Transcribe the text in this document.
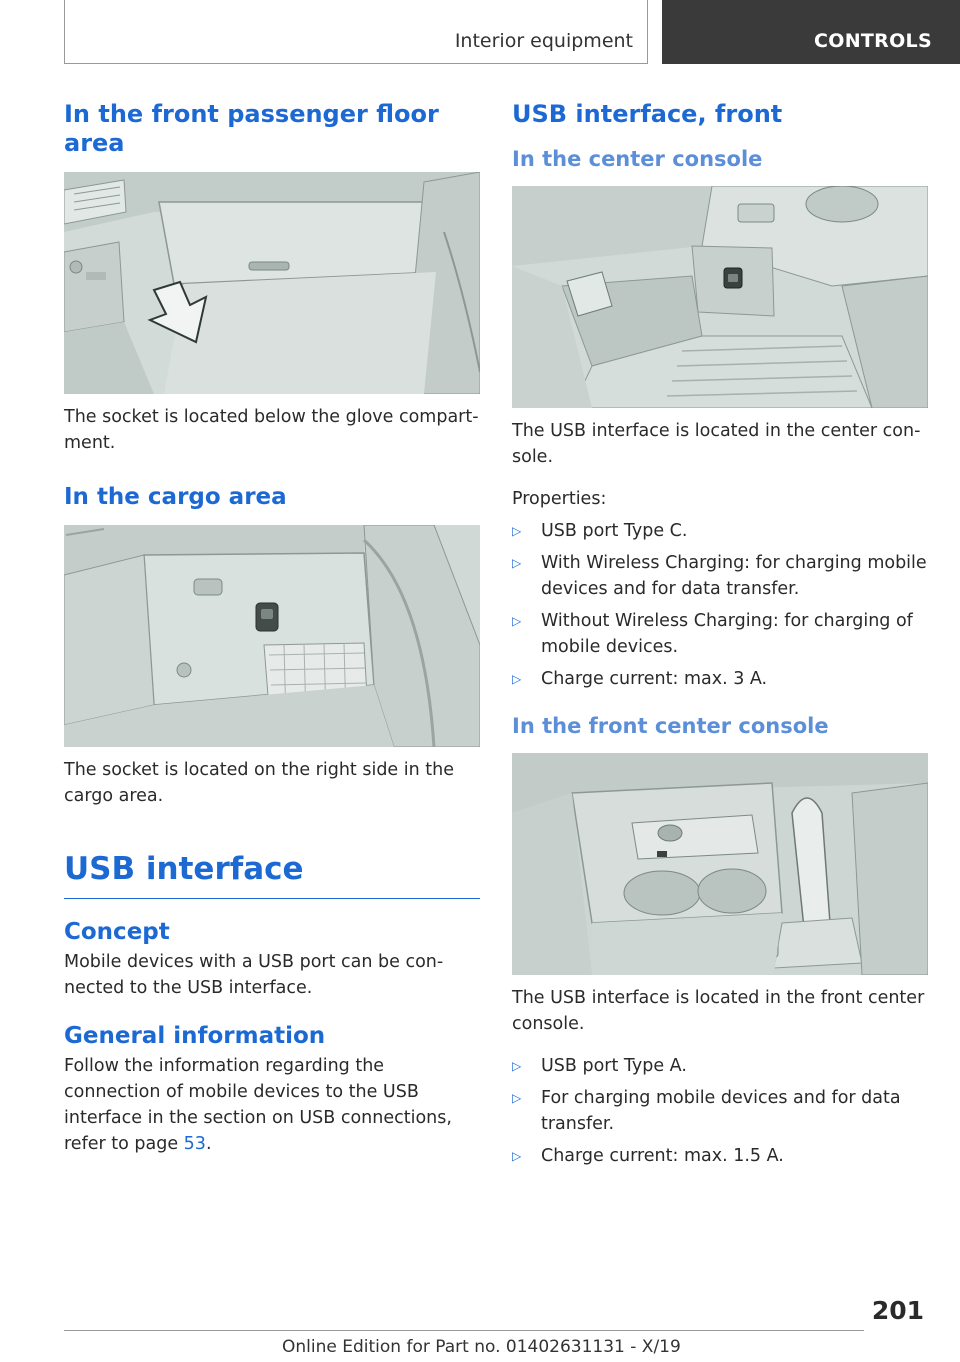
Interior equipment	CONTROLS
In the front passenger floor area

The socket is located below the glove compartment.

In the cargo area

The socket is located on the right side in the cargo area.

USB interface
Concept

Mobile devices with a USB port can be connected to the USB interface.

General information

Follow the information regarding the connection of mobile devices to the USB interface in the section on USB connections, refer to page 53.

USB interface, front
In the center console

The USB interface is located in the center console.

Properties:

▷ USB port Type C.
▷ With Wireless Charging: for charging mobile devices and for data transfer.
▷ Without Wireless Charging: for charging of mobile devices.
▷ Charge current: max. 3 A.
In the front center console

The USB interface is located in the front center console.

▷ USB port Type A.
▷ For charging mobile devices and for data transfer.
▷ Charge current: max. 1.5 A.
201
Online Edition for Part no. 01402631131 - X/19
